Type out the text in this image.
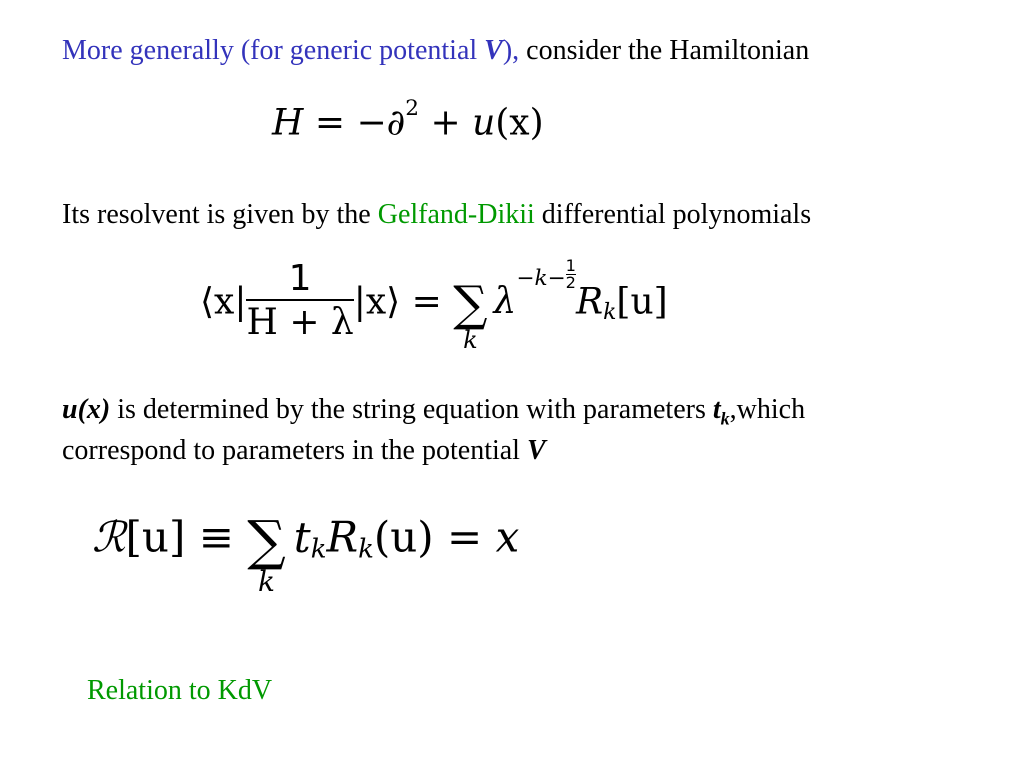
More generally (for generic potential V), consider the Hamiltonian
H = −∂$^2$ + u(x)
Its resolvent is given by the Gelfand-Dikii differential polynomials
⟨x| $\frac{1}{H + \lambda}$ |x⟩ = ∑
k
$\lambda^{-k-} \frac{1}{2}$
$R_k[u]$
u(x) is determined by the string equation with parameters $t_k,which$
correspond to parameters in the potential V
ℛ[u] ≡ ∑
k
$t_kR_k(u) = x$
Relation to KdV
